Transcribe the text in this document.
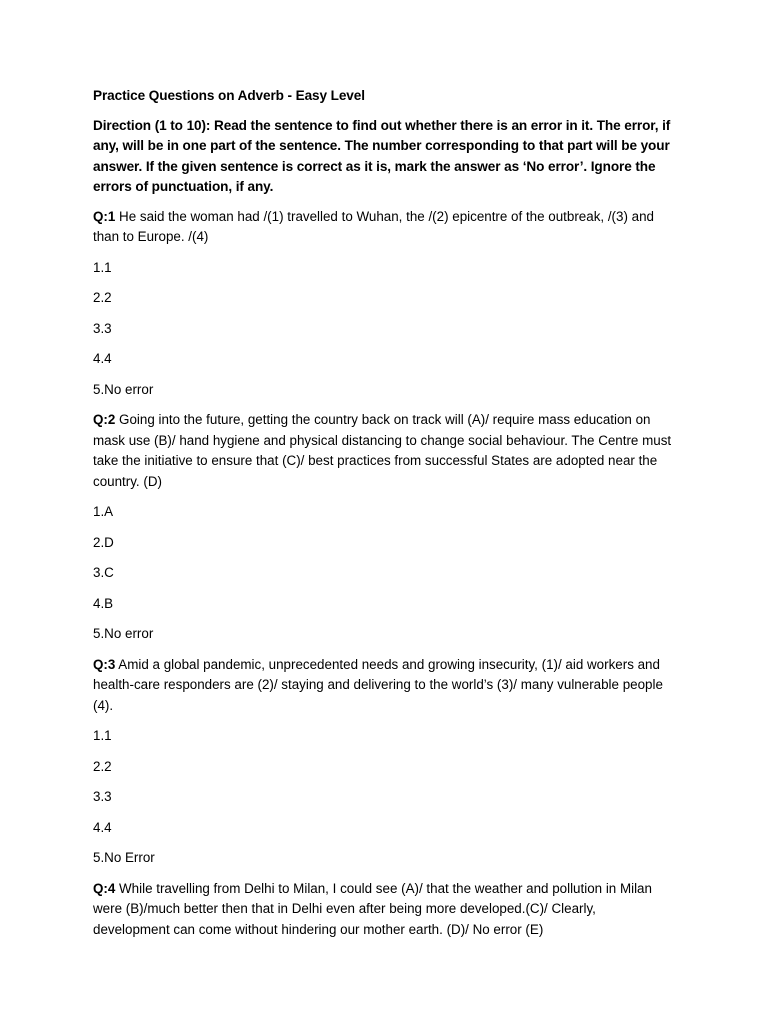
Practice Questions on Adverb - Easy Level
Direction (1 to 10): Read the sentence to find out whether there is an error in it. The error, if any, will be in one part of the sentence. The number corresponding to that part will be your answer. If the given sentence is correct as it is, mark the answer as ‘No error’. Ignore the errors of punctuation, if any.
Q:1 He said the woman had /(1) travelled to Wuhan, the /(2) epicentre of the outbreak, /(3) and than to Europe. /(4)
1.1
2.2
3.3
4.4
5.No error
Q:2 Going into the future, getting the country back on track will (A)/ require mass education on mask use (B)/ hand hygiene and physical distancing to change social behaviour. The Centre must take the initiative to ensure that (C)/ best practices from successful States are adopted near the country. (D)
1.A
2.D
3.C
4.B
5.No error
Q:3 Amid a global pandemic, unprecedented needs and growing insecurity, (1)/ aid workers and health-care responders are (2)/ staying and delivering to the world’s (3)/ many vulnerable people (4).
1.1
2.2
3.3
4.4
5.No Error
Q:4 While travelling from Delhi to Milan, I could see (A)/ that the weather and pollution in Milan were (B)/much better then that in Delhi even after being more developed.(C)/ Clearly, development can come without hindering our mother earth. (D)/ No error (E)
